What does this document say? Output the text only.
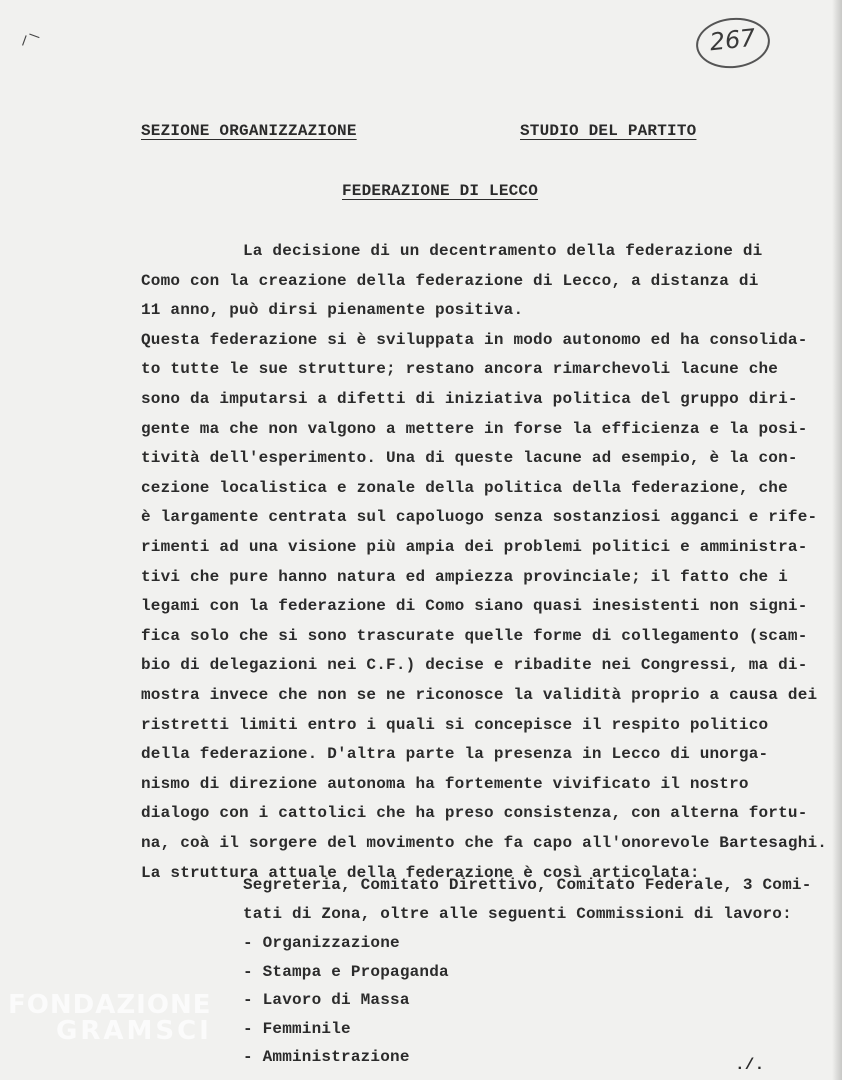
⸝⸜	267
SEZIONE ORGANIZZAZIONE	STUDIO DEL PARTITO
FEDERAZIONE DI LECCO
La decisione di un decentramento della federazione di
Como con la creazione della federazione di Lecco, a distanza di
11 anno, può dirsi pienamente positiva.
Questa federazione si è sviluppata in modo autonomo ed ha consolida-
to tutte le sue strutture; restano ancora rimarchevoli lacune che
sono da imputarsi a difetti di iniziativa politica del gruppo diri-
gente ma che non valgono a mettere in forse la efficienza e la posi-
tività dell'esperimento. Una di queste lacune ad esempio, è la con-
cezione localistica e zonale della politica della federazione, che
è largamente centrata sul capoluogo senza sostanziosi agganci e rife-
rimenti ad una visione più ampia dei problemi politici e amministra-
tivi che pure hanno natura ed ampiezza provinciale; il fatto che i
legami con la federazione di Como siano quasi inesistenti non signi-
fica solo che si sono trascurate quelle forme di collegamento (scam-
bio di delegazioni nei C.F.) decise e ribadite nei Congressi, ma di-
mostra invece che non se ne riconosce la validità proprio a causa dei
ristretti limiti entro i quali si concepisce il respito politico
della federazione. D'altra parte la presenza in Lecco di unorga-
nismo di direzione autonoma ha fortemente vivificato il nostro
dialogo con i cattolici che ha preso consistenza, con alterna fortu-
na, coà il sorgere del movimento che fa capo all'onorevole Bartesaghi.
La struttura attuale della federazione è così articolata:
Segreteria, Comitato Direttivo, Comitato Federale, 3 Comi-
tati di Zona, oltre alle seguenti Commissioni di lavoro:
- Organizzazione
- Stampa e Propaganda
- Lavoro di Massa
- Femminile
- Amministrazione	./.
FONDAZIONE
GRAMSCI
